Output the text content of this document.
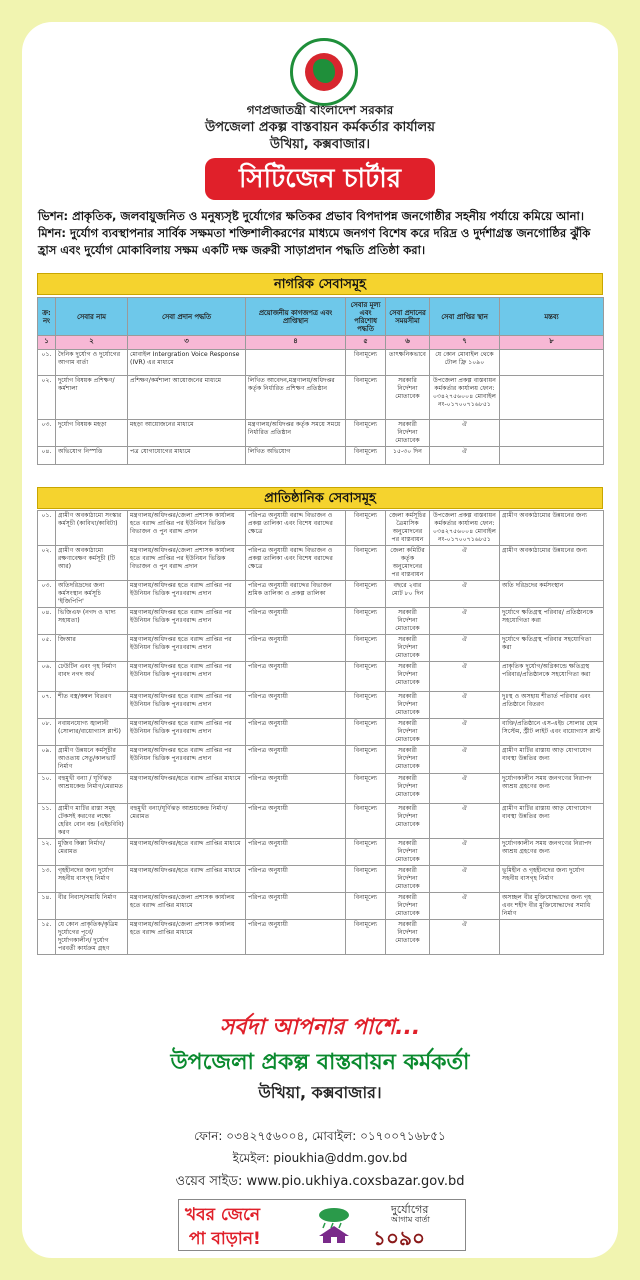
গণপ্রজাতন্ত্রী বাংলাদেশ সরকার
উপজেলা প্রকল্প বাস্তবায়ন কর্মকর্তার কার্যালয়
উখিয়া, কক্সবাজার।
সিটিজেন চার্টার
ভিশন: প্রাকৃতিক, জলবায়ুজনিত ও মনুষ্যসৃষ্ট দুর্যোগের ক্ষতিকর প্রভাব বিপদাপন্ন জনগোষ্ঠীর সহনীয় পর্যায়ে কমিয়ে আনা।
মিশন: দুর্যোগ ব্যবস্থাপনার সার্বিক সক্ষমতা শক্তিশালীকরণের মাধ্যমে জনগণ বিশেষ করে দরিদ্র ও দুর্দশাগ্রস্ত জনগোষ্ঠির ঝুঁকি হ্রাস এবং দুর্যোগ মোকাবিলায় সক্ষম একটি দক্ষ জরুরী সাড়াপ্রদান পদ্ধতি প্রতিষ্ঠা করা।
নাগরিক সেবাসমূহ
ক্র: নং	সেবার নাম	সেবা প্রদান পদ্ধতি	প্রয়োজনীয় কাগজপত্র এবং প্রাপ্তিস্থান	সেবার মূল্য এবং পরিশোধ পদ্ধতি	সেবা প্রদানের সময়সীমা	সেবা প্রাপ্তির স্থান	মন্তব্য
১	২	৩	৪	৫	৬	৭	৮
০১.	দৈনিক দুর্যোগ ও দুর্যোগের আগাম বার্তা	মোবাইল Intergration Voice Response (IVR) এর মাধ্যমে		বিনামূল্যে	তাৎক্ষনিকভাবে	যে কোন মোবাইল থেকে টোল ফ্রি ১০৯০	
০২.	দুর্যোগ বিষয়ক প্রশিক্ষণ/ কর্মশালা	প্রশিক্ষণ/কর্মশালা আয়োজনের মাধ্যমে	লিখিত আবেদন,মন্ত্রণালয়/অধিদপ্তর কর্তৃক নির্ধারিত প্রশিক্ষণ প্রতিষ্ঠান	বিনামূল্যে	সরকারি নির্দেশনা মোতাবেক	উপজেলা প্রকল্প বাস্তবায়ন কর্মকর্তার কার্যালয় ফোন: ০৩৪২৭৫৬০০৪ মোবাইল নং-০১৭০০৭১৬৮৫১	
০৩.	দুর্যোগ বিষয়ক মহড়া	মহড়া আয়োজনের মাধ্যমে	মন্ত্রণালয়/অধিদপ্তর কর্তৃক সময়ে সময়ে নির্ধারিত প্রতিষ্ঠান	বিনামূল্যে	সরকারী নির্দেশনা মোতাবেক	ঐ	
০৪.	অভিযোগ নিস্পত্তি	পত্র যোগাযোগের মাধ্যমে	লিখিত অভিযোগ	বিনামূল্যে	১৫-৩০ দিন	ঐ	
প্রাতিষ্ঠানিক সেবাসমূহ
০১.	গ্রামীণ অবকাঠামো সংস্কার কর্মসূচী (কাবিখা/কাবিটা)	মন্ত্রণালয়/অধিদপ্তর/জেলা প্রশাসক কার্যালয় হতে বরাদ্দ প্রাপ্তির পর ইউনিয়ন ভিত্তিক বিভাজন ও পুন বরাদ্দ প্রদান	পরিপত্র অনুযায়ী বরাদ্দ বিভাজন ও প্রকল্প তালিকা এবং বিশেষ বরাদ্দের ক্ষেত্রে	বিনামূল্যে	জেলা কর্মসূচির ত্রৈমাসিক অনুমোদনের পর বাস্তবায়ন	উপজেলা প্রকল্প বাস্তবায়ন কর্মকর্তার কার্যালয় ফোন: ০৩৪২৭৫৬০০৪ মোবাইল নং-০১৭০০৭১৬৮৫১	গ্রামীণ অবকাঠামোর উন্নয়নের জন্য
০২.	গ্রামীণ অবকাঠামো রক্ষণাবেক্ষণ কর্মসূচী (টি আর)	মন্ত্রণালয়/অধিদপ্তর/জেলা প্রশাসক কার্যালয় হতে বরাদ্দ প্রাপ্তির পর ইউনিয়ন ভিত্তিক বিভাজন ও পুন বরাদ্দ প্রদান	পরিপত্র অনুযায়ী বরাদ্দ বিভাজন ও প্রকল্প তালিকা এবং বিশেষ বরাদ্দের ক্ষেত্রে	বিনামূল্যে	জেলা কমিটির কর্তৃক অনুমোদনের পর বাস্তবায়ন	ঐ	গ্রামীণ অবকাঠামোর উন্নয়নের জন্য
০৩.	অতিদরিদ্রদের জন্য কর্মসংস্থান কর্মসূচি 'ইজিপিপি'	মন্ত্রণালয়/অধিদপ্তর হতে বরাদ্দ প্রাপ্তির পর ইউনিয়ন ভিত্তিক পুনঃবরাদ্দ প্রদান	পরিপত্র অনুযায়ী বরাদ্দের বিভাজন শ্রমিক তালিকা ও প্রকল্প তালিকা	বিনামূল্যে	বছরে ২বার মোট ৮০ দিন	ঐ	অতি দরিদ্রদের কর্মসংস্থান
০৪.	ভিজিএফ (নগদ ও খাদ্য সহায়তা)	মন্ত্রণালয়/অধিদপ্তর হতে বরাদ্দ প্রাপ্তির পর ইউনিয়ন ভিত্তিক পুনঃবরাদ্দ প্রদান	পরিপত্র অনুযায়ী	বিনামূল্যে	সরকারী নির্দেশনা মোতাবেক	ঐ	দুর্যোগে ক্ষতিগ্রস্থ পরিবার/ প্রতিষ্ঠানকে সহযোগিতা করা
০৫.	জিআর	মন্ত্রণালয়/অধিদপ্তর হতে বরাদ্দ প্রাপ্তির পর ইউনিয়ন ভিত্তিক পুনঃবরাদ্দ প্রদান	পরিপত্র অনুযায়ী	বিনামূল্যে	সরকারী নির্দেশনা মোতাবেক	ঐ	দুর্যোগে ক্ষতিগ্রস্থ পরিবার সহযোগিতা করা
০৬.	ঢেউটিন এবং গৃহ নির্মাণ বাবদ নগদ অর্থ	মন্ত্রণালয়/অধিদপ্তর হতে বরাদ্দ প্রাপ্তির পর ইউনিয়ন ভিত্তিক পুনঃবরাদ্দ প্রদান	পরিপত্র অনুযায়ী	বিনামূল্যে	সরকারী নির্দেশনা মোতাবেক	ঐ	প্রাকৃতিক দুর্যোগ/অগ্নিকান্ডে ক্ষতিগ্রস্থ পরিবার/প্রতিষ্ঠানকে সহযোগিতা করা
০৭.	শীত বস্ত্র/কম্বল বিতরণ	মন্ত্রণালয়/অধিদপ্তর হতে বরাদ্দ প্রাপ্তির পর ইউনিয়ন ভিত্তিক পুনঃবরাদ্দ প্রদান	পরিপত্র অনুযায়ী	বিনামূল্যে	সরকারী নির্দেশনা মোতাবেক	ঐ	দুঃস্থ ও অসহায় শীতার্ত পরিবার এবং প্রতিষ্ঠানে বিতরণ
০৮.	নবায়নযোগ্য জ্বালানী (সোলার/বায়োগ্যাস প্লান্ট)	মন্ত্রণালয়/অধিদপ্তর হতে বরাদ্দ প্রাপ্তির পর ইউনিয়ন ভিত্তিক পুনঃবরাদ্দ প্রদান	পরিপত্র অনুযায়ী	বিনামূল্যে	সরকারী নির্দেশনা মোতাবেক	ঐ	ব্যক্তি/প্রতিষ্ঠানে এস-এইচ সোলার হোম সিস্টেম, স্ট্রীট লাইট এবং বায়োগ্যাস প্লান্ট
০৯.	গ্রামীণ উন্নয়নে কর্মসূচীর আওতায় সেতু/কালভার্ট নির্মাণ	মন্ত্রণালয়/অধিদপ্তর হতে বরাদ্দ প্রাপ্তির পর ইউনিয়ন ভিত্তিক পুনঃবরাদ্দ প্রদান	পরিপত্র অনুযায়ী	বিনামূল্যে	সরকারী নির্দেশনা মোতাবেক	ঐ	গ্রামীণ মাটির রাস্তায় আড় যোগাযোগ ব্যবস্থা উন্নতির জন্য
১০.	বহুমুখী বন্যা / ঘূর্ণিঝড় আশ্রয়কেন্দ্র নির্মাণ/মেরামত	মন্ত্রণালয়/অধিদপ্তর/হতে বরাদ্দ প্রাপ্তির মাধ্যমে	পরিপত্র অনুযায়ী	বিনামূল্যে	সরকারী নির্দেশনা মোতাবেক	ঐ	দুর্যোগকালীন সময় জনগণের নিরাপদ আশ্রয় গ্রহণের জন্য
১১.	গ্রামীণ মাটির রাস্তা সমূহ টেকসই করণের লক্ষ্যে হেরিং বোন বন্ড (এইচবিবি) করণ	বহুমুখী বন্যা/ঘূর্ণিঝড় আশ্রয়কেন্দ্র নির্মাণ/মেরামত	পরিপত্র অনুযায়ী	বিনামূল্যে	সরকারী নির্দেশনা মোতাবেক	ঐ	গ্রামীণ মাটির রাস্তায় আড় যোগাযোগ ব্যবস্থা উন্নতির জন্য
১২.	মুজিব কিল্লা নির্মাণ/ মেরামত	মন্ত্রণালয়/অধিদপ্তর/হতে বরাদ্দ প্রাপ্তির মাধ্যমে	পরিপত্র অনুযায়ী	বিনামূল্যে	সরকারী নির্দেশনা মোতাবেক	ঐ	দুর্যোগকালীন সময় জনগণের নিরাপদ আশ্রয় গ্রহণের জন্য
১৩.	গৃহহীনদের জন্য দুর্যোগ সহনীয় বাসগৃহ নির্মাণ	মন্ত্রণালয়/অধিদপ্তর/হতে বরাদ্দ প্রাপ্তির মাধ্যমে	পরিপত্র অনুযায়ী	বিনামূল্যে	সরকারী নির্দেশনা মোতাবেক	ঐ	ভূমিহীন ও গৃহহীনদের জন্য দুর্যোগ সহনীয় বাসগৃহ নির্মাণ
১৪.	বীর নিবাস/সমাধি নির্মাণ	মন্ত্রণালয়/অধিদপ্তর/জেলা প্রশাসক কার্যালয় হতে বরাদ্দ প্রাপ্তির মাধ্যমে	পরিপত্র অনুযায়ী	বিনামূল্যে	সরকারী নির্দেশনা মোতাবেক	ঐ	অসচ্ছল বীর মুক্তিযোদ্ধাদের জন্য গৃহ এবং শহীদ বীর মুক্তিযোদ্ধাদের সমাধি নির্মাণ
১৫.	যে কোন প্রাকৃতিক/কৃত্রিম দুর্যোগের পূর্বে/দুর্যোগকালীন/ দুর্যোগ পরবর্তী কার্যক্রম গ্রহণ	মন্ত্রণালয়/অধিদপ্তর/জেলা প্রশাসক কার্যালয় হতে বরাদ্দ প্রাপ্তির মাধ্যমে	পরিপত্র অনুযায়ী	বিনামূল্যে	সরকারী নির্দেশনা মোতাবেক	ঐ	
সর্বদা আপনার পাশে...
উপজেলা প্রকল্প বাস্তবায়ন কর্মকর্তা
উখিয়া, কক্সবাজার।
ফোন: ০৩৪২৭৫৬০০৪, মোবাইল: ০১৭০০৭১৬৮৫১
ইমেইল: pioukhia@ddm.gov.bd
ওয়েব সাইড: www.pio.ukhiya.coxsbazar.gov.bd
খবর জেনে
পা বাড়ান!
দুর্যোগের
আগাম বার্তা
১০৯০
